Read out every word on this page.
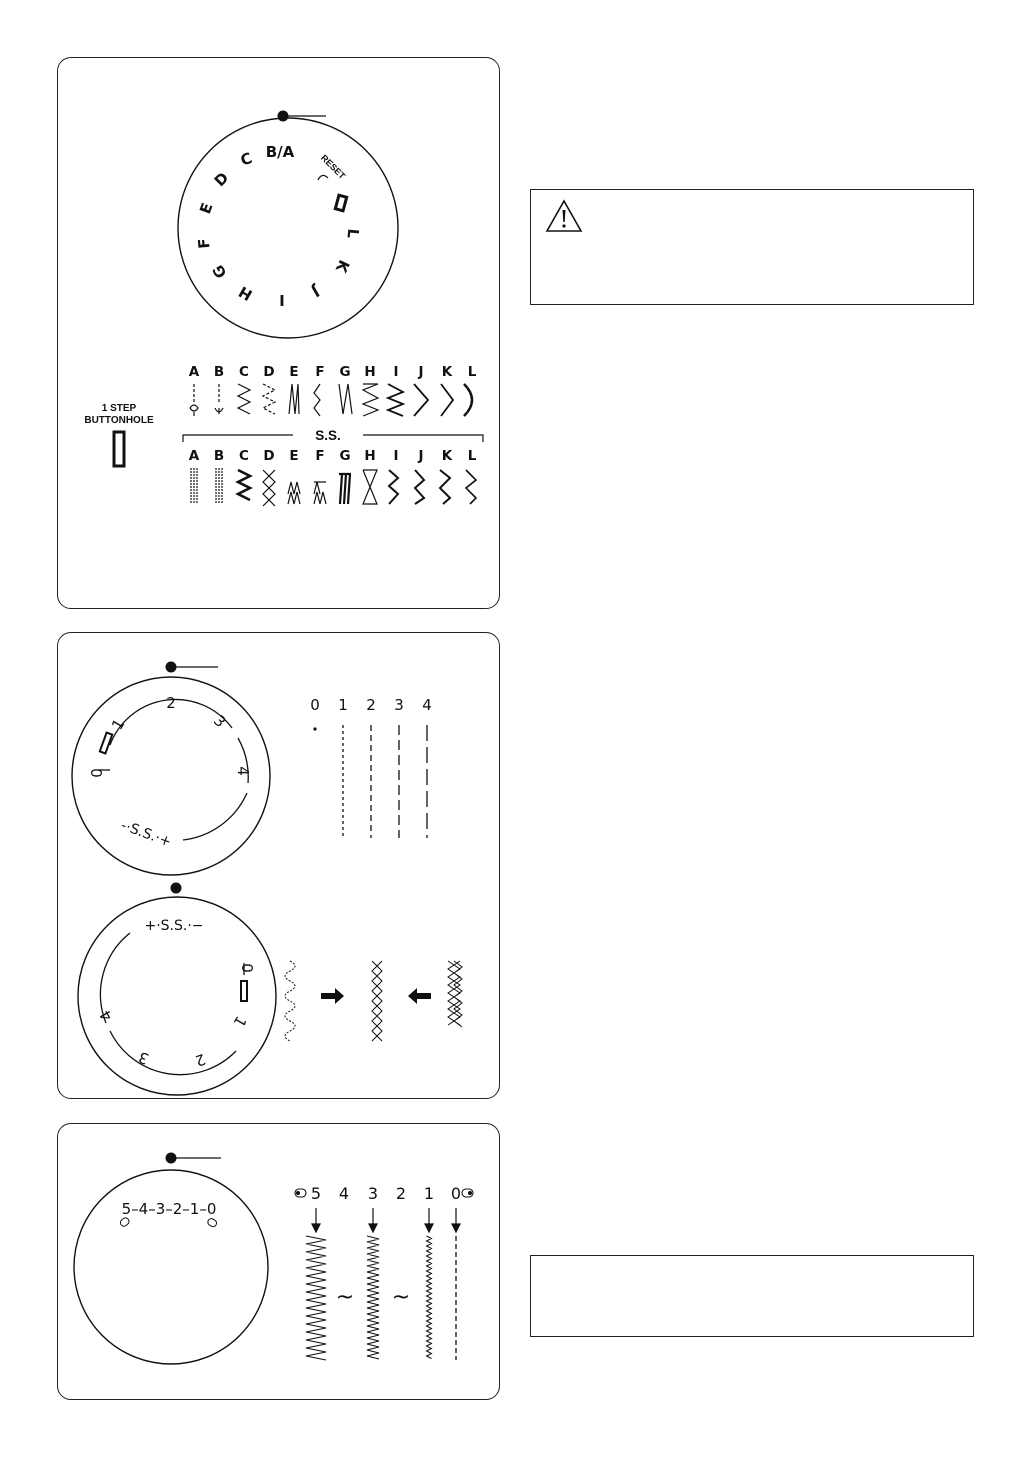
B/A
C
D
E
F
G
H I J
K
L
RESET
1 STEP
BUTTONHOLE
A B C D E F G H I J K L
S.S.
A B C D E F G H I J K L
0
1
2
3
4
-·S.S.·+
0 1 2 3 4
+·S.S.·−
0
1
2
3
4
5–4–3–2–1–0
5 4 3 2 1 0
~ ~
